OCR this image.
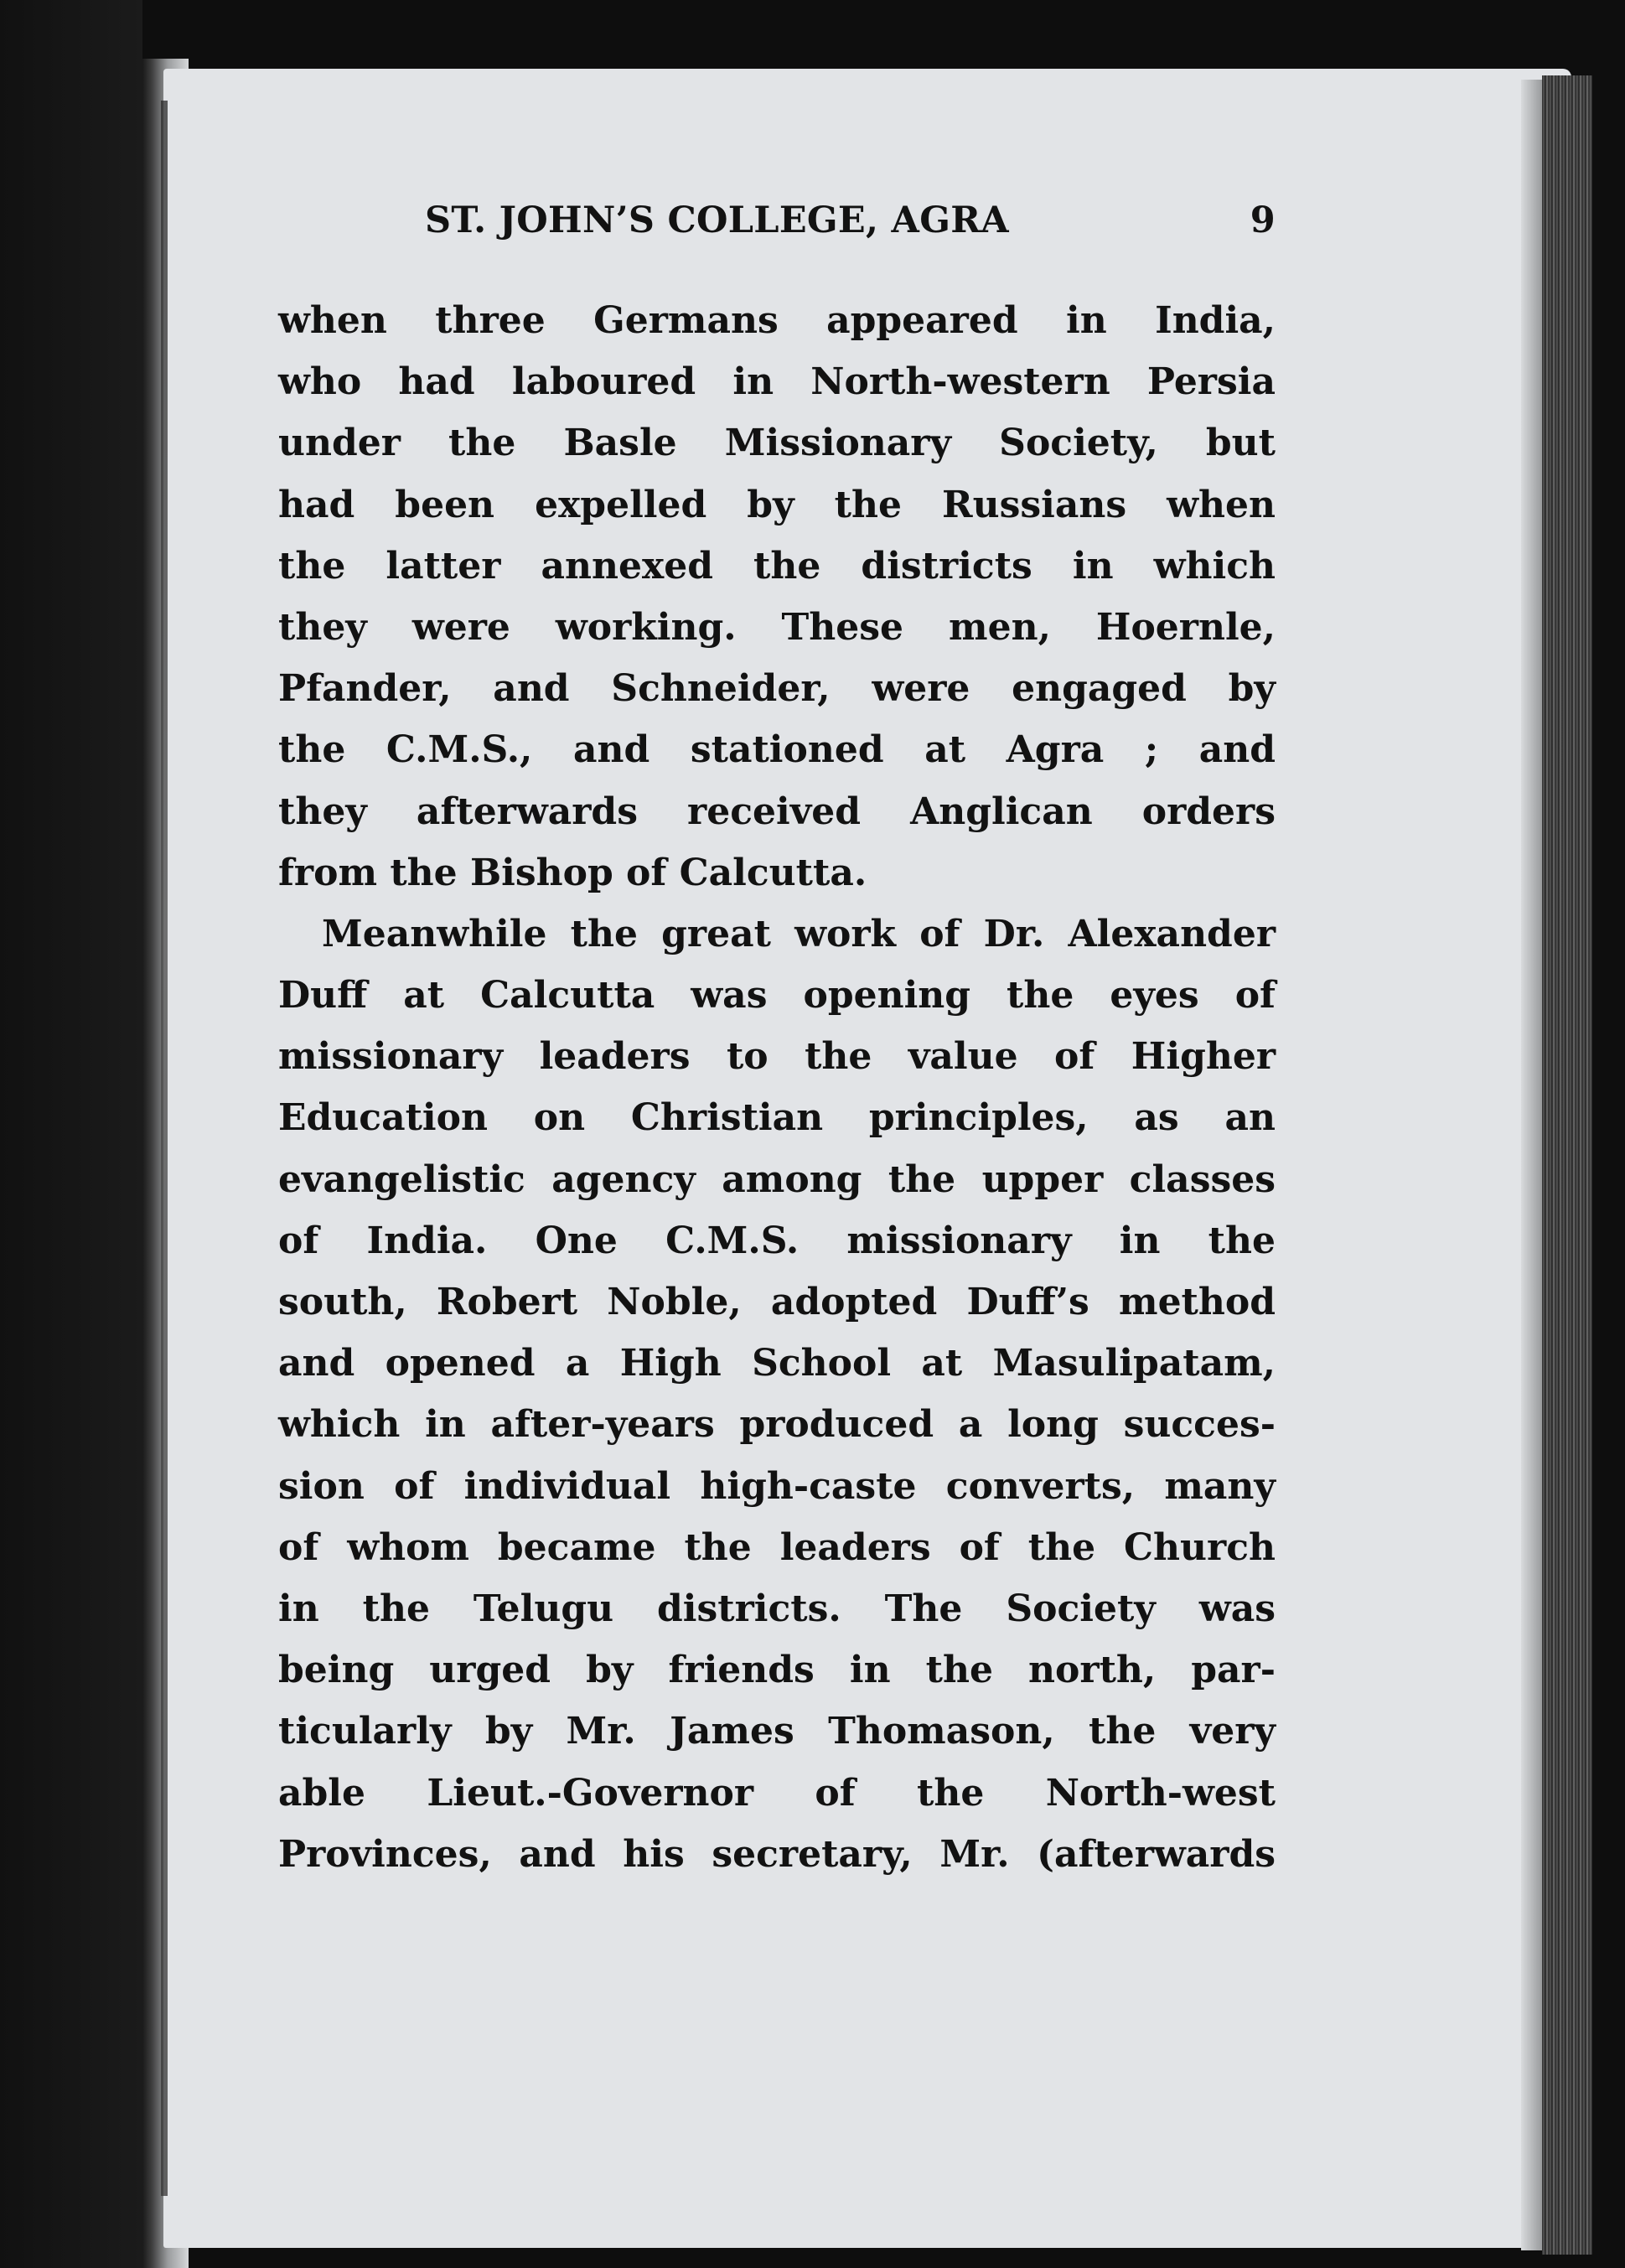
ST. JOHN’S COLLEGE, AGRA	9
when three Germans appeared in India,
who had laboured in North-western Persia
under the Basle Missionary Society, but
had been expelled by the Russians when
the latter annexed the districts in which
they were working. These men, Hoernle,
Pfander, and Schneider, were engaged by
the C.M.S., and stationed at Agra ; and
they afterwards received Anglican orders
from the Bishop of Calcutta.
Meanwhile the great work of Dr. Alexander
Duff at Calcutta was opening the eyes of
missionary leaders to the value of Higher
Education on Christian principles, as an
evangelistic agency among the upper classes
of India. One C.M.S. missionary in the
south, Robert Noble, adopted Duff’s method
and opened a High School at Masulipatam,
which in after-years produced a long succes-
sion of individual high-caste converts, many
of whom became the leaders of the Church
in the Telugu districts. The Society was
being urged by friends in the north, par-
ticularly by Mr. James Thomason, the very
able Lieut.-Governor of the North-west
Provinces, and his secretary, Mr. (afterwards
